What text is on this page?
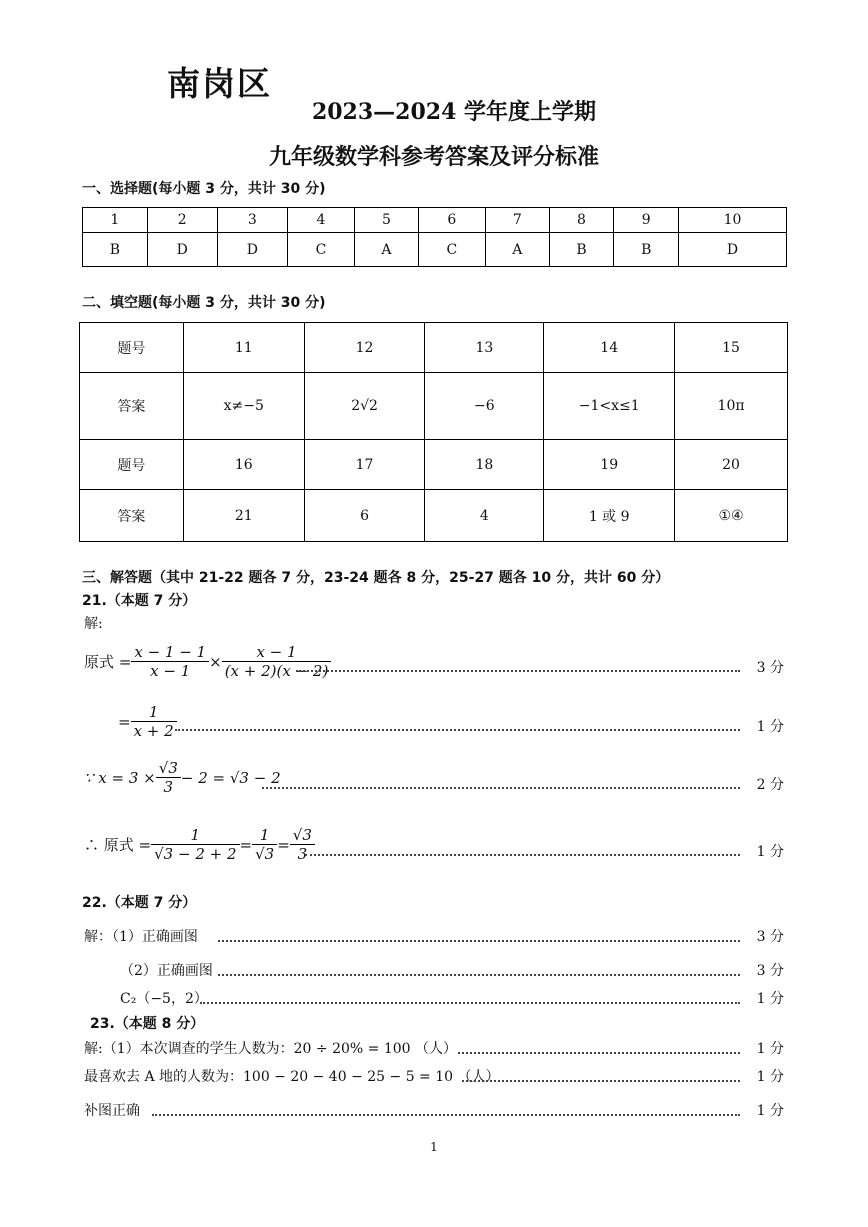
南岗区
2023—2024 学年度上学期
九年级数学科参考答案及评分标准
一、选择题(每小题 3 分，共计 30 分)
1	2	3	4	5	6	7	8	9	10
B	D	D	C	A	C	A	B	B	D
二、填空题(每小题 3 分，共计 30 分)
题号	11	12	13	14	15
答案	x≠−5	2√2	−6	−1<x≤1	10π
题号	16	17	18	19	20
答案	21	6	4	1 或 9	①④
三、解答题（其中 21-22 题各 7 分，23-24 题各 8 分，25-27 题各 10 分，共计 60 分）
21.（本题 7 分）
解:
原式 = $\frac{x - 1 - 1}{x - 1} \times \frac{x - 1}{(x + 2)(x - 2)}$	3 分
= $\frac{1}{x + 2}$	1 分
∵ $x = 3 \times \frac{√3}{3} - 2 = √3 - 2$	2 分
∴ 原式 = $\frac{1}{√3 - 2 + 2} = \frac{1}{√3} = \frac{√3}{3}$	1 分
22.（本题 7 分）
解：（1）正确画图	3 分
（2）正确画图	3 分
C₂（−5，2）	1 分
23.（本题 8 分）
解:（1）本次调查的学生人数为：20 ÷ 20% = 100 （人）	1 分
最喜欢去 A 地的人数为：100 − 20 − 40 − 25 − 5 = 10 （人）	1 分
补图正确	1 分
1
